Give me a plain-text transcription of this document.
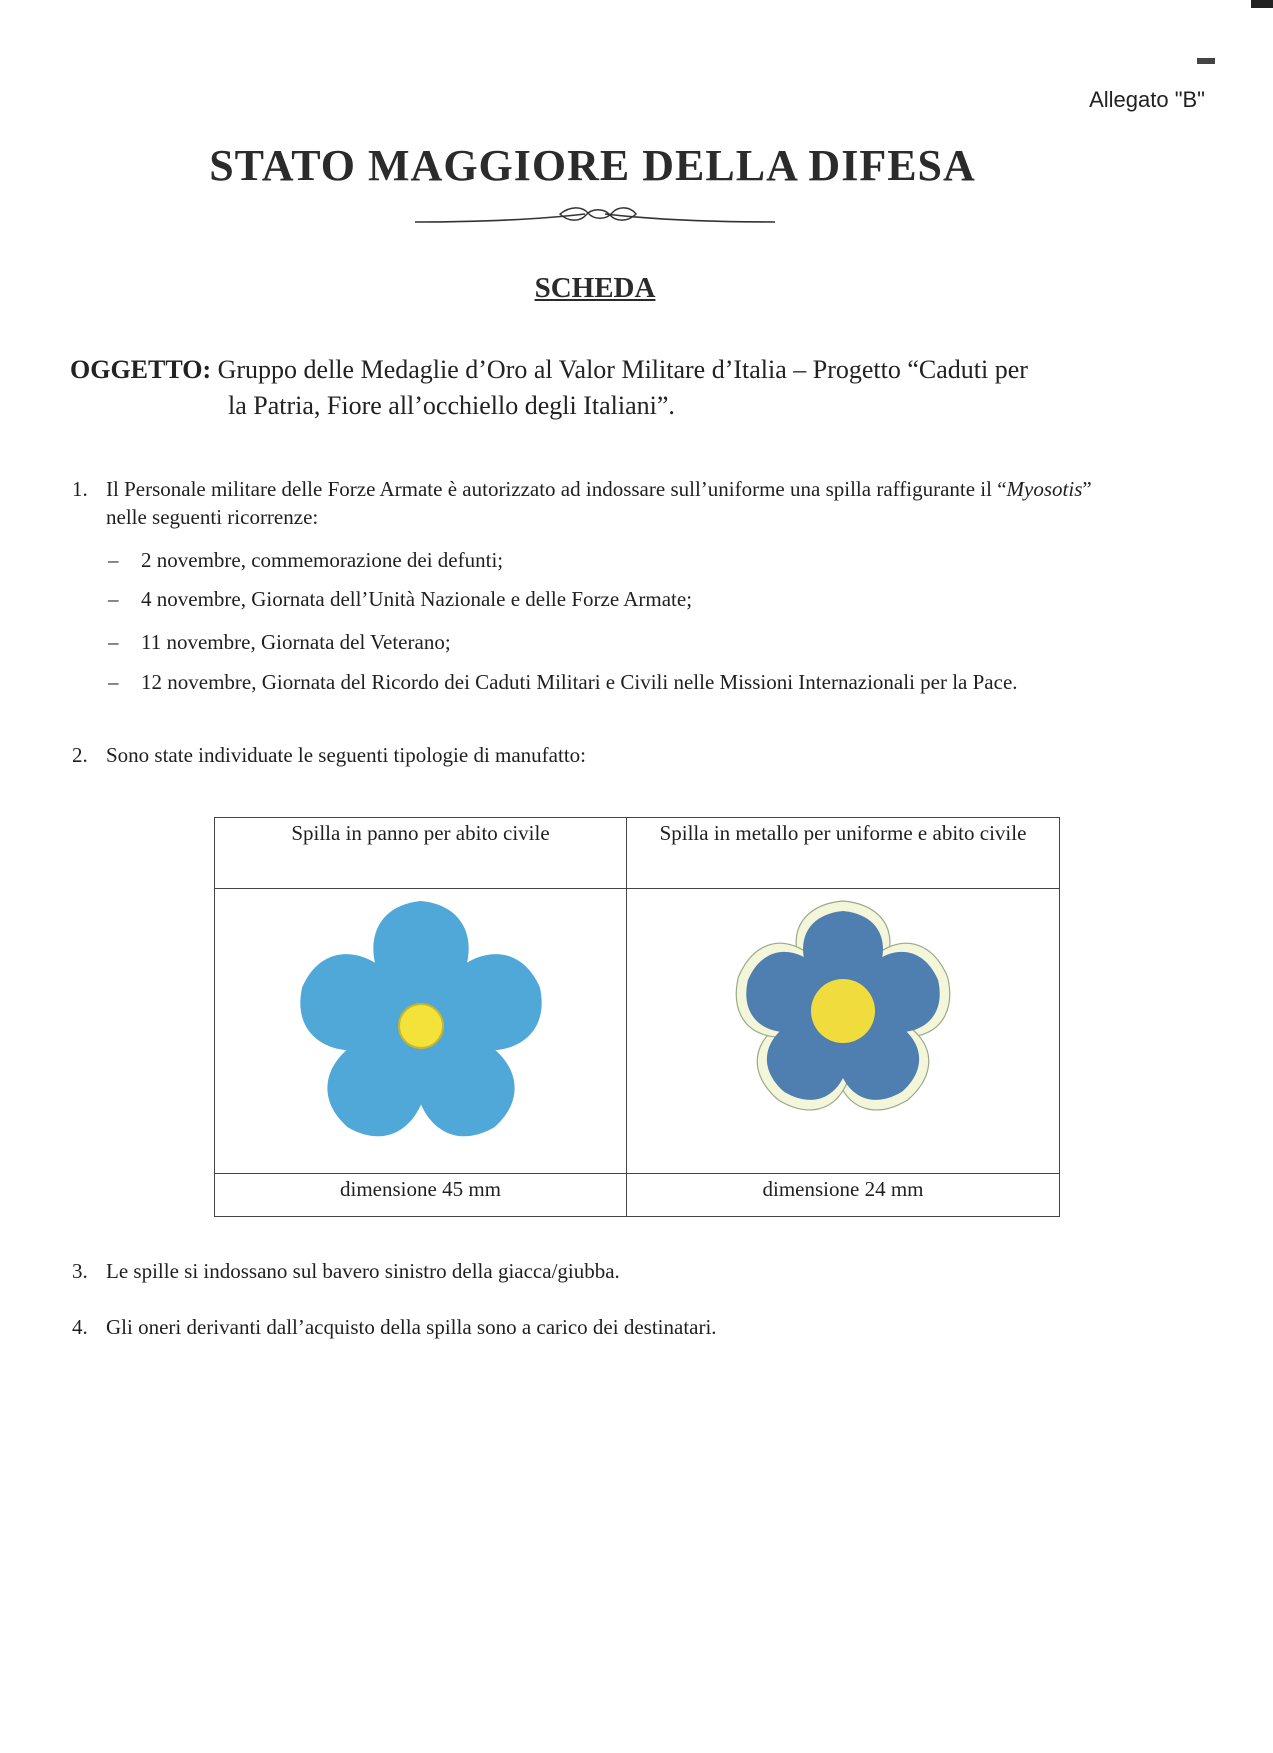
Allegato "B"
STATO MAGGIORE DELLA DIFESA
SCHEDA
OGGETTO: Gruppo delle Medaglie d’Oro al Valor Militare d’Italia – Progetto “Caduti per
la Patria, Fiore all’occhiello degli Italiani”.
1. Il Personale militare delle Forze Armate è autorizzato ad indossare sull’uniforme una spilla raffigurante il “Myosotis” nelle seguenti ricorrenze:
– 2 novembre, commemorazione dei defunti;
– 4 novembre, Giornata dell’Unità Nazionale e delle Forze Armate;
– 11 novembre, Giornata del Veterano;
– 12 novembre, Giornata del Ricordo dei Caduti Militari e Civili nelle Missioni Internazionali per la Pace.
2. Sono state individuate le seguenti tipologie di manufatto:
Spilla in panno per abito civile	Spilla in metallo per uniforme e abito civile

dimensione 45 mm	dimensione 24 mm
3. Le spille si indossano sul bavero sinistro della giacca/giubba.
4. Gli oneri derivanti dall’acquisto della spilla sono a carico dei destinatari.
